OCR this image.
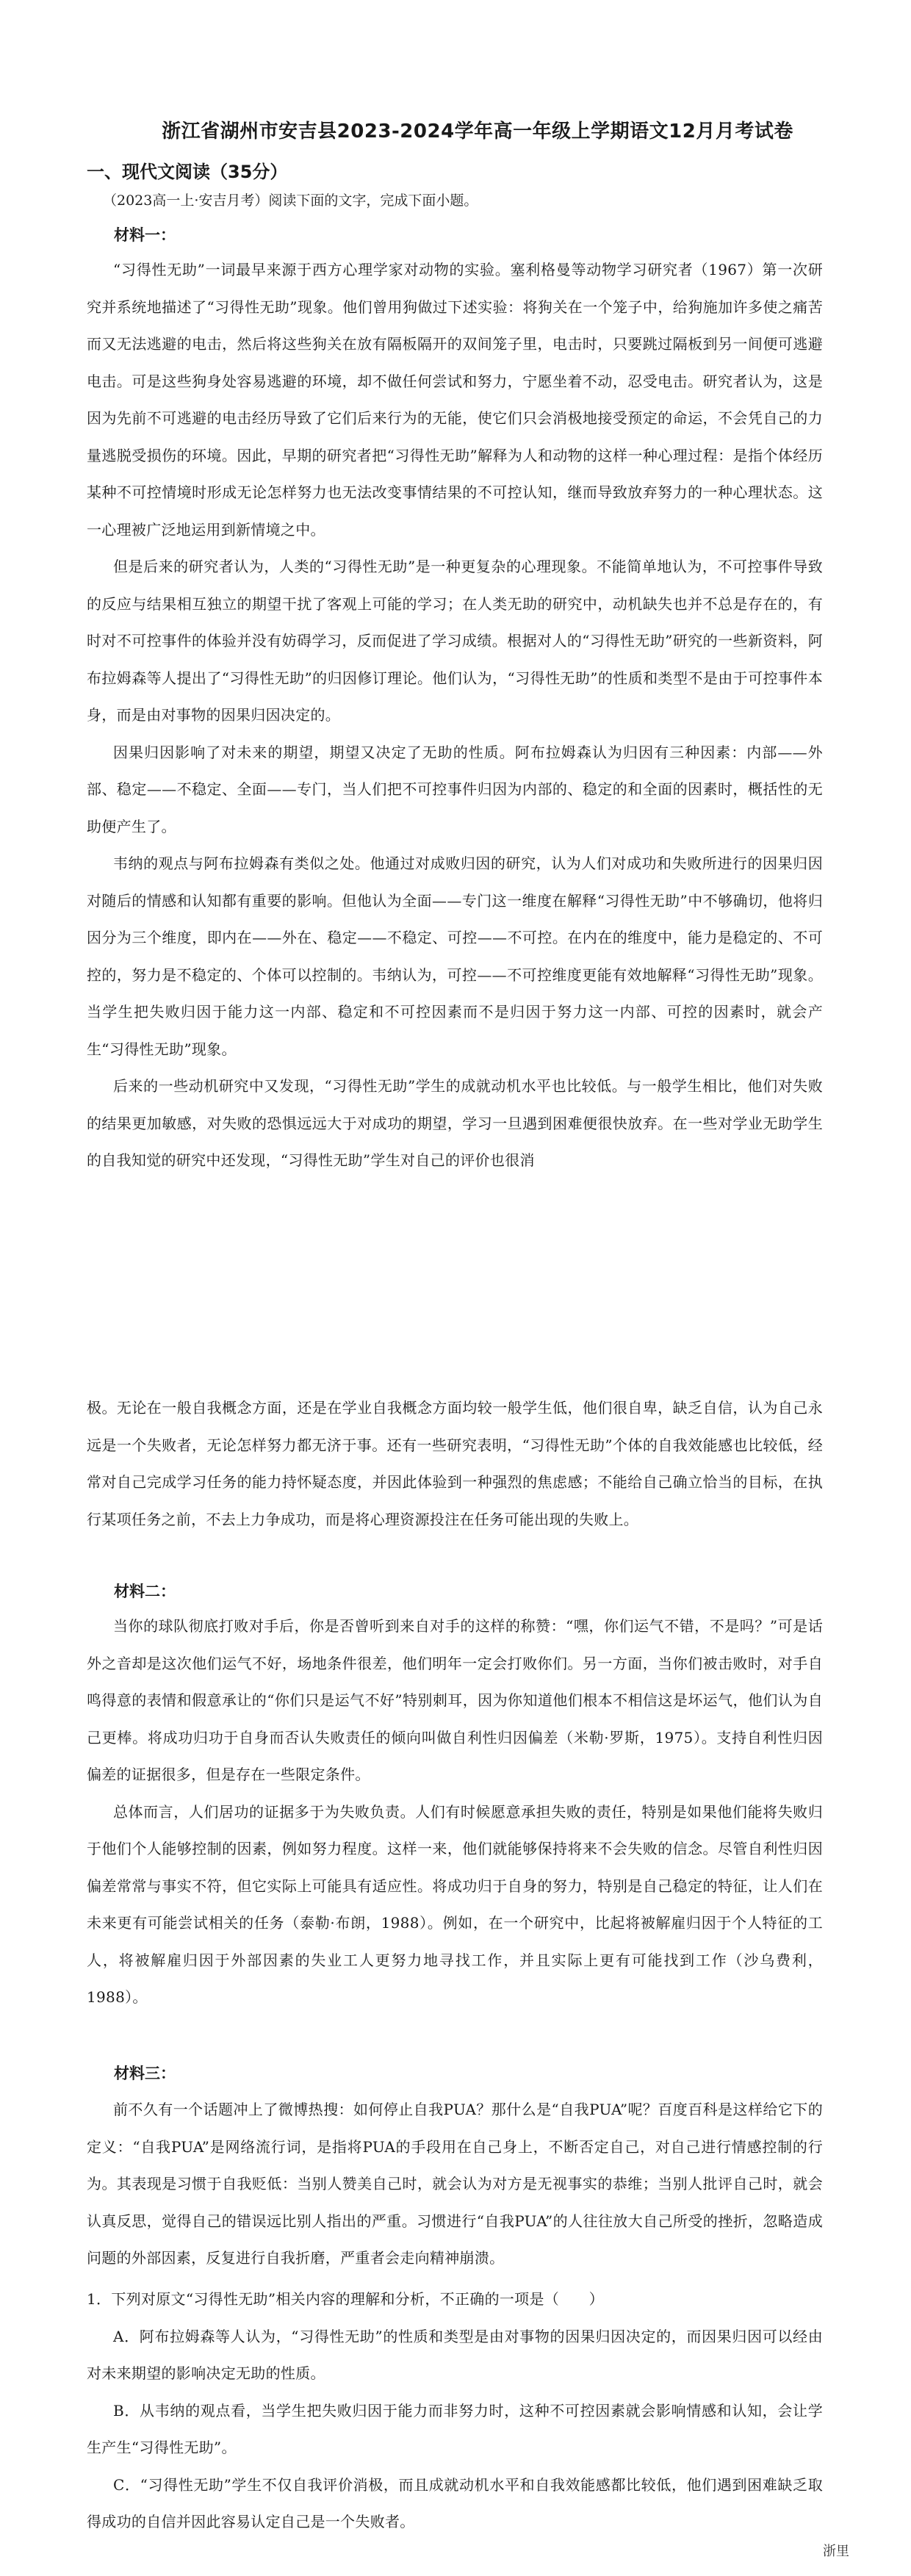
浙江省湖州市安吉县2023-2024学年高一年级上学期语文12月月考试卷
一、现代文阅读（35分）
（2023高一上·安吉月考）阅读下面的文字，完成下面小题。
材料一：

“习得性无助”一词最早来源于西方心理学家对动物的实验。塞利格曼等动物学习研究者（1967）第一次研究并系统地描述了“习得性无助”现象。他们曾用狗做过下述实验：将狗关在一个笼子中，给狗施加许多使之痛苦而又无法逃避的电击，然后将这些狗关在放有隔板隔开的双间笼子里，电击时，只要跳过隔板到另一间便可逃避电击。可是这些狗身处容易逃避的环境，却不做任何尝试和努力，宁愿坐着不动，忍受电击。研究者认为，这是因为先前不可逃避的电击经历导致了它们后来行为的无能，使它们只会消极地接受预定的命运，不会凭自己的力量逃脱受损伤的环境。因此，早期的研究者把“习得性无助”解释为人和动物的这样一种心理过程：是指个体经历某种不可控情境时形成无论怎样努力也无法改变事情结果的不可控认知，继而导致放弃努力的一种心理状态。这一心理被广泛地运用到新情境之中。

但是后来的研究者认为，人类的“习得性无助”是一种更复杂的心理现象。不能简单地认为，不可控事件导致的反应与结果相互独立的期望干扰了客观上可能的学习；在人类无助的研究中，动机缺失也并不总是存在的，有时对不可控事件的体验并没有妨碍学习，反而促进了学习成绩。根据对人的“习得性无助”研究的一些新资料，阿布拉姆森等人提出了“习得性无助”的归因修订理论。他们认为，“习得性无助”的性质和类型不是由于可控事件本身，而是由对事物的因果归因决定的。

因果归因影响了对未来的期望，期望又决定了无助的性质。阿布拉姆森认为归因有三种因素：内部——外部、稳定——不稳定、全面——专门，当人们把不可控事件归因为内部的、稳定的和全面的因素时，概括性的无助便产生了。

韦纳的观点与阿布拉姆森有类似之处。他通过对成败归因的研究，认为人们对成功和失败所进行的因果归因对随后的情感和认知都有重要的影响。但他认为全面——专门这一维度在解释“习得性无助”中不够确切，他将归因分为三个维度，即内在——外在、稳定——不稳定、可控——不可控。在内在的维度中，能力是稳定的、不可控的，努力是不稳定的、个体可以控制的。韦纳认为，可控——不可控维度更能有效地解释“习得性无助”现象。当学生把失败归因于能力这一内部、稳定和不可控因素而不是归因于努力这一内部、可控的因素时，就会产生“习得性无助”现象。

后来的一些动机研究中又发现，“习得性无助”学生的成就动机水平也比较低。与一般学生相比，他们对失败的结果更加敏感，对失败的恐惧远远大于对成功的期望，学习一旦遇到困难便很快放弃。在一些对学业无助学生的自我知觉的研究中还发现，“习得性无助”学生对自己的评价也很消

极。无论在一般自我概念方面，还是在学业自我概念方面均较一般学生低，他们很自卑，缺乏自信，认为自己永远是一个失败者，无论怎样努力都无济于事。还有一些研究表明，“习得性无助”个体的自我效能感也比较低，经常对自己完成学习任务的能力持怀疑态度，并因此体验到一种强烈的焦虑感；不能给自己确立恰当的目标，在执行某项任务之前，不去上力争成功，而是将心理资源投注在任务可能出现的失败上。

材料二：

当你的球队彻底打败对手后，你是否曾听到来自对手的这样的称赞：“嘿，你们运气不错，不是吗？”可是话外之音却是这次他们运气不好，场地条件很差，他们明年一定会打败你们。另一方面，当你们被击败时，对手自鸣得意的表情和假意承让的“你们只是运气不好”特别刺耳，因为你知道他们根本不相信这是坏运气，他们认为自己更棒。将成功归功于自身而否认失败责任的倾向叫做自利性归因偏差（米勒·罗斯，1975）。支持自利性归因偏差的证据很多，但是存在一些限定条件。

总体而言，人们居功的证据多于为失败负责。人们有时候愿意承担失败的责任，特别是如果他们能将失败归于他们个人能够控制的因素，例如努力程度。这样一来，他们就能够保持将来不会失败的信念。尽管自利性归因偏差常常与事实不符，但它实际上可能具有适应性。将成功归于自身的努力，特别是自己稳定的特征，让人们在未来更有可能尝试相关的任务（泰勒·布朗，1988）。例如，在一个研究中，比起将被解雇归因于个人特征的工人，将被解雇归因于外部因素的失业工人更努力地寻找工作，并且实际上更有可能找到工作（沙乌费利，1988）。

材料三：

前不久有一个话题冲上了微博热搜：如何停止自我PUA？那什么是“自我PUA”呢？百度百科是这样给它下的定义：“自我PUA”是网络流行词，是指将PUA的手段用在自己身上，不断否定自己，对自己进行情感控制的行为。其表现是习惯于自我贬低：当别人赞美自己时，就会认为对方是无视事实的恭维；当别人批评自己时，就会认真反思，觉得自己的错误远比别人指出的严重。习惯进行“自我PUA”的人往往放大自己所受的挫折，忽略造成问题的外部因素，反复进行自我折磨，严重者会走向精神崩溃。

1．下列对原文“习得性无助”相关内容的理解和分析，不正确的一项是（　　）

A．阿布拉姆森等人认为，“习得性无助”的性质和类型是由对事物的因果归因决定的，而因果归因可以经由对未来期望的影响决定无助的性质。

B．从韦纳的观点看，当学生把失败归因于能力而非努力时，这种不可控因素就会影响情感和认知，会让学生产生“习得性无助”。

C．“习得性无助”学生不仅自我评价消极，而且成就动机水平和自我效能感都比较低，他们遇到困难缺乏取得成功的自信并因此容易认定自己是一个失败者。

浙里
